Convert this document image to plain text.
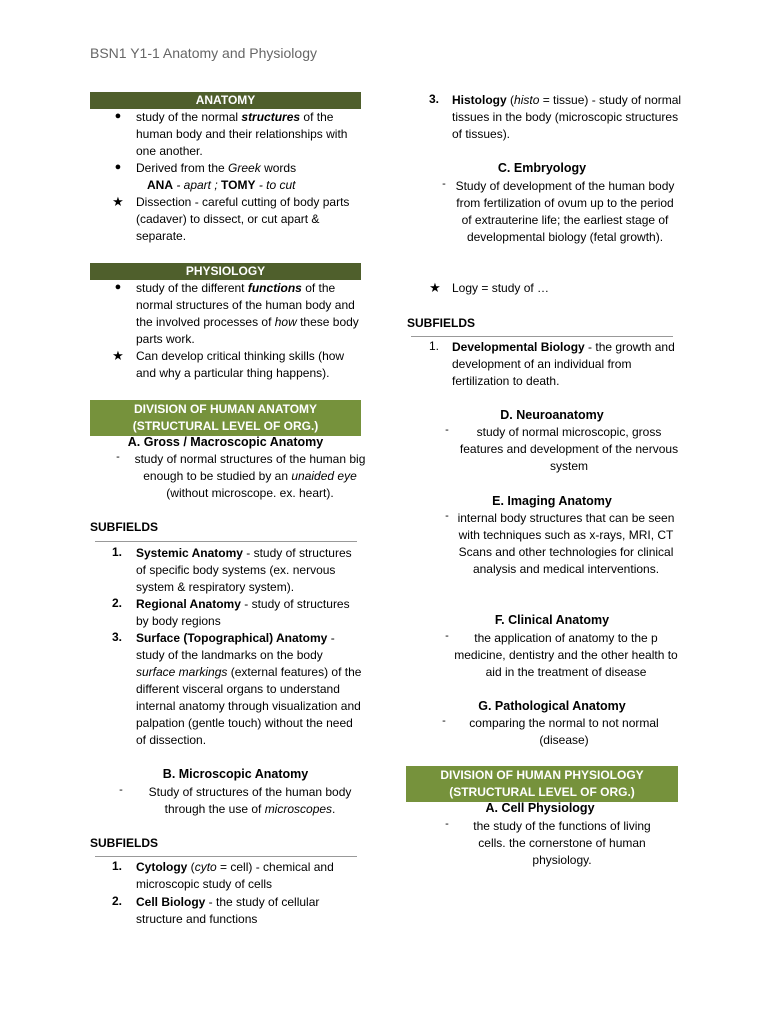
BSN1 Y1-1 Anatomy and Physiology
ANATOMY
●	study of the normal structures of the human body and their relationships with one another.
●	Derived from the Greek words
ANA - apart ; TOMY - to cut
★ Dissection - careful cutting of body parts (cadaver) to dissect, or cut apart & separate.
PHYSIOLOGY
●	study of the different functions of the normal structures of the human body and the involved processes of how these body parts work.
★ Can develop critical thinking skills (how and why a particular thing happens).
DIVISION OF HUMAN ANATOMY
(STRUCTURAL LEVEL OF ORG.)
A. Gross / Macroscopic Anatomy
-	study of normal structures of the human big enough to be studied by an unaided eye (without microscope. ex. heart).
SUBFIELDS
1. Systemic Anatomy - study of structures of specific body systems (ex. nervous system & respiratory system).
2. Regional Anatomy - study of structures by body regions
3. Surface (Topographical) Anatomy - study of the landmarks on the body surface markings (external features) of the different visceral organs to understand internal anatomy through visualization and palpation (gentle touch) without the need of dissection.
B. Microscopic Anatomy
-	Study of structures of the human body through the use of microscopes.
SUBFIELDS
1. Cytology (cyto = cell) - chemical and microscopic study of cells
2. Cell Biology - the study of cellular structure and functions
3. Histology (histo = tissue) - study of normal tissues in the body (microscopic structures of tissues).
C. Embryology
- Study of development of the human body from fertilization of ovum up to the period of extrauterine life; the earliest stage of developmental biology (fetal growth).
★ Logy = study of …
SUBFIELDS
1. Developmental Biology - the growth and development of an individual from fertilization to death.
D. Neuroanatomy
-	study of normal microscopic, gross features and development of the nervous system
E. Imaging Anatomy
- internal body structures that can be seen with techniques such as x-rays, MRI, CT Scans and other technologies for clinical analysis and medical interventions.
F. Clinical Anatomy
-	the application of anatomy to the p medicine, dentistry and the other health to aid in the treatment of disease
G. Pathological Anatomy
-	comparing the normal to not normal (disease)
DIVISION OF HUMAN PHYSIOLOGY
(STRUCTURAL LEVEL OF ORG.)
A. Cell Physiology
-	the study of the functions of living cells. the cornerstone of human physiology.
